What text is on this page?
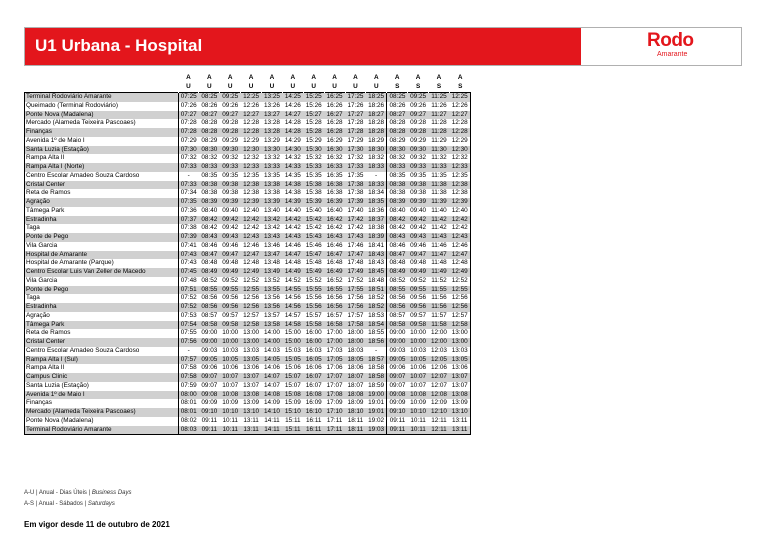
U1 Urbana - Hospital	Rodo
Amarante
	A	A	A	A	A	A	A	A	A	A	A	A	A	A
	U	U	U	U	U	U	U	U	U	U	S	S	S	S
Terminal Rodoviário Amarante	07:25	08:25	09:25	12:25	13:25	14:25	15:25	16:25	17:25	18:25	08:25	09:25	11:25	12:25
Queimado (Terminal Rodoviário)	07:26	08:26	09:26	12:26	13:26	14:26	15:26	16:26	17:26	18:26	08:26	09:26	11:26	12:26
Ponte Nova (Madalena)	07:27	08:27	09:27	12:27	13:27	14:27	15:27	16:27	17:27	18:27	08:27	09:27	11:27	12:27
Mercado (Alameda Teixeira Pascoaes)	07:28	08:28	09:28	12:28	13:28	14:28	15:28	16:28	17:28	18:28	08:28	09:28	11:28	12:28
Finanças	07:28	08:28	09:28	12:28	13:28	14:28	15:28	16:28	17:28	18:28	08:28	09:28	11:28	12:28
Avenida 1º de Maio I	07:29	08:29	09:29	12:29	13:29	14:29	15:29	16:29	17:29	18:29	08:29	09:29	11:29	12:29
Santa Luzia (Estação)	07:30	08:30	09:30	12:30	13:30	14:30	15:30	16:30	17:30	18:30	08:30	09:30	11:30	12:30
Rampa Alta II	07:32	08:32	09:32	12:32	13:32	14:32	15:32	16:32	17:32	18:32	08:32	09:32	11:32	12:32
Rampa Alta I (Norte)	07:33	08:33	09:33	12:33	13:33	14:33	15:33	16:33	17:33	18:33	08:33	09:33	11:33	12:33
Centro Escolar Amadeo Souza Cardoso	-	08:35	09:35	12:35	13:35	14:35	15:35	16:35	17:35	-	08:35	09:35	11:35	12:35
Cristal Center	07:33	08:38	09:38	12:38	13:38	14:38	15:38	16:38	17:38	18:33	08:38	09:38	11:38	12:38
Reta de Ramos	07:34	08:38	09:38	12:38	13:38	14:38	15:38	16:38	17:38	18:34	08:38	09:38	11:38	12:38
Agração	07:35	08:39	09:39	12:39	13:39	14:39	15:39	16:39	17:39	18:35	08:39	09:39	11:39	12:39
Tâmega Park	07:36	08:40	09:40	12:40	13:40	14:40	15:40	16:40	17:40	18:36	08:40	09:40	11:40	12:40
Estradinha	07:37	08:42	09:42	12:42	13:42	14:42	15:42	16:42	17:42	18:37	08:42	09:42	11:42	12:42
Taga	07:38	08:42	09:42	12:42	13:42	14:42	15:42	16:42	17:42	18:38	08:42	09:42	11:42	12:42
Ponte de Pego	07:39	08:43	09:43	12:43	13:43	14:43	15:43	16:43	17:43	18:39	08:43	09:43	11:43	12:43
Vila Garcia	07:41	08:46	09:46	12:46	13:46	14:46	15:46	16:46	17:46	18:41	08:46	09:46	11:46	12:46
Hospital de Amarante	07:43	08:47	09:47	12:47	13:47	14:47	15:47	16:47	17:47	18:43	08:47	09:47	11:47	12:47
Hospital de Amarante (Parque)	07:43	08:48	09:48	12:48	13:48	14:48	15:48	16:48	17:48	18:43	08:48	09:48	11:48	12:48
Centro Escolar Luis Van Zeller de Macedo	07:45	08:49	09:49	12:49	13:49	14:49	15:49	16:49	17:49	18:45	08:49	09:49	11:49	12:49
Vila Garcia	07:48	08:52	09:52	12:52	13:52	14:52	15:52	16:52	17:52	18:48	08:52	09:52	11:52	12:52
Ponte de Pego	07:51	08:55	09:55	12:55	13:55	14:55	15:55	16:55	17:55	18:51	08:55	09:55	11:55	12:55
Taga	07:52	08:56	09:56	12:56	13:56	14:56	15:56	16:56	17:56	18:52	08:56	09:56	11:56	12:56
Estradinha	07:52	08:56	09:56	12:56	13:56	14:56	15:56	16:56	17:56	18:52	08:56	09:56	11:56	12:56
Agração	07:53	08:57	09:57	12:57	13:57	14:57	15:57	16:57	17:57	18:53	08:57	09:57	11:57	12:57
Tâmega Park	07:54	08:58	09:58	12:58	13:58	14:58	15:58	16:58	17:58	18:54	08:58	09:58	11:58	12:58
Reta de Ramos	07:55	09:00	10:00	13:00	14:00	15:00	16:00	17:00	18:00	18:55	09:00	10:00	12:00	13:00
Cristal Center	07:56	09:00	10:00	13:00	14:00	15:00	16:00	17:00	18:00	18:56	09:00	10:00	12:00	13:00
Centro Escolar Amadeo Souza Cardoso	-	09:03	10:03	13:03	14:03	15:03	16:03	17:03	18:03	-	09:03	10:03	12:03	13:03
Rampa Alta I (Sul)	07:57	09:05	10:05	13:05	14:05	15:05	16:05	17:05	18:05	18:57	09:05	10:05	12:05	13:05
Rampa Alta II	07:58	09:06	10:06	13:06	14:06	15:06	16:06	17:06	18:06	18:58	09:06	10:06	12:06	13:06
Campus Clinic	07:58	09:07	10:07	13:07	14:07	15:07	16:07	17:07	18:07	18:58	09:07	10:07	12:07	13:07
Santa Luzia (Estação)	07:59	09:07	10:07	13:07	14:07	15:07	16:07	17:07	18:07	18:59	09:07	10:07	12:07	13:07
Avenida 1º de Maio I	08:00	09:08	10:08	13:08	14:08	15:08	16:08	17:08	18:08	19:00	09:08	10:08	12:08	13:08
Finanças	08:01	09:09	10:09	13:09	14:09	15:09	16:09	17:09	18:09	19:01	09:09	10:09	12:09	13:09
Mercado (Alameda Teixeira Pascoaes)	08:01	09:10	10:10	13:10	14:10	15:10	16:10	17:10	18:10	19:01	09:10	10:10	12:10	13:10
Ponte Nova (Madalena)	08:02	09:11	10:11	13:11	14:11	15:11	16:11	17:11	18:11	19:02	09:11	10:11	12:11	13:11
Terminal Rodoviário Amarante	08:03	09:11	10:11	13:11	14:11	15:11	16:11	17:11	18:11	19:03	09:11	10:11	12:11	13:11
A-U | Anual - Dias Úteis | Business Days
A-S | Anual - Sábados | Saturdays
Em vigor desde 11 de outubro de 2021
